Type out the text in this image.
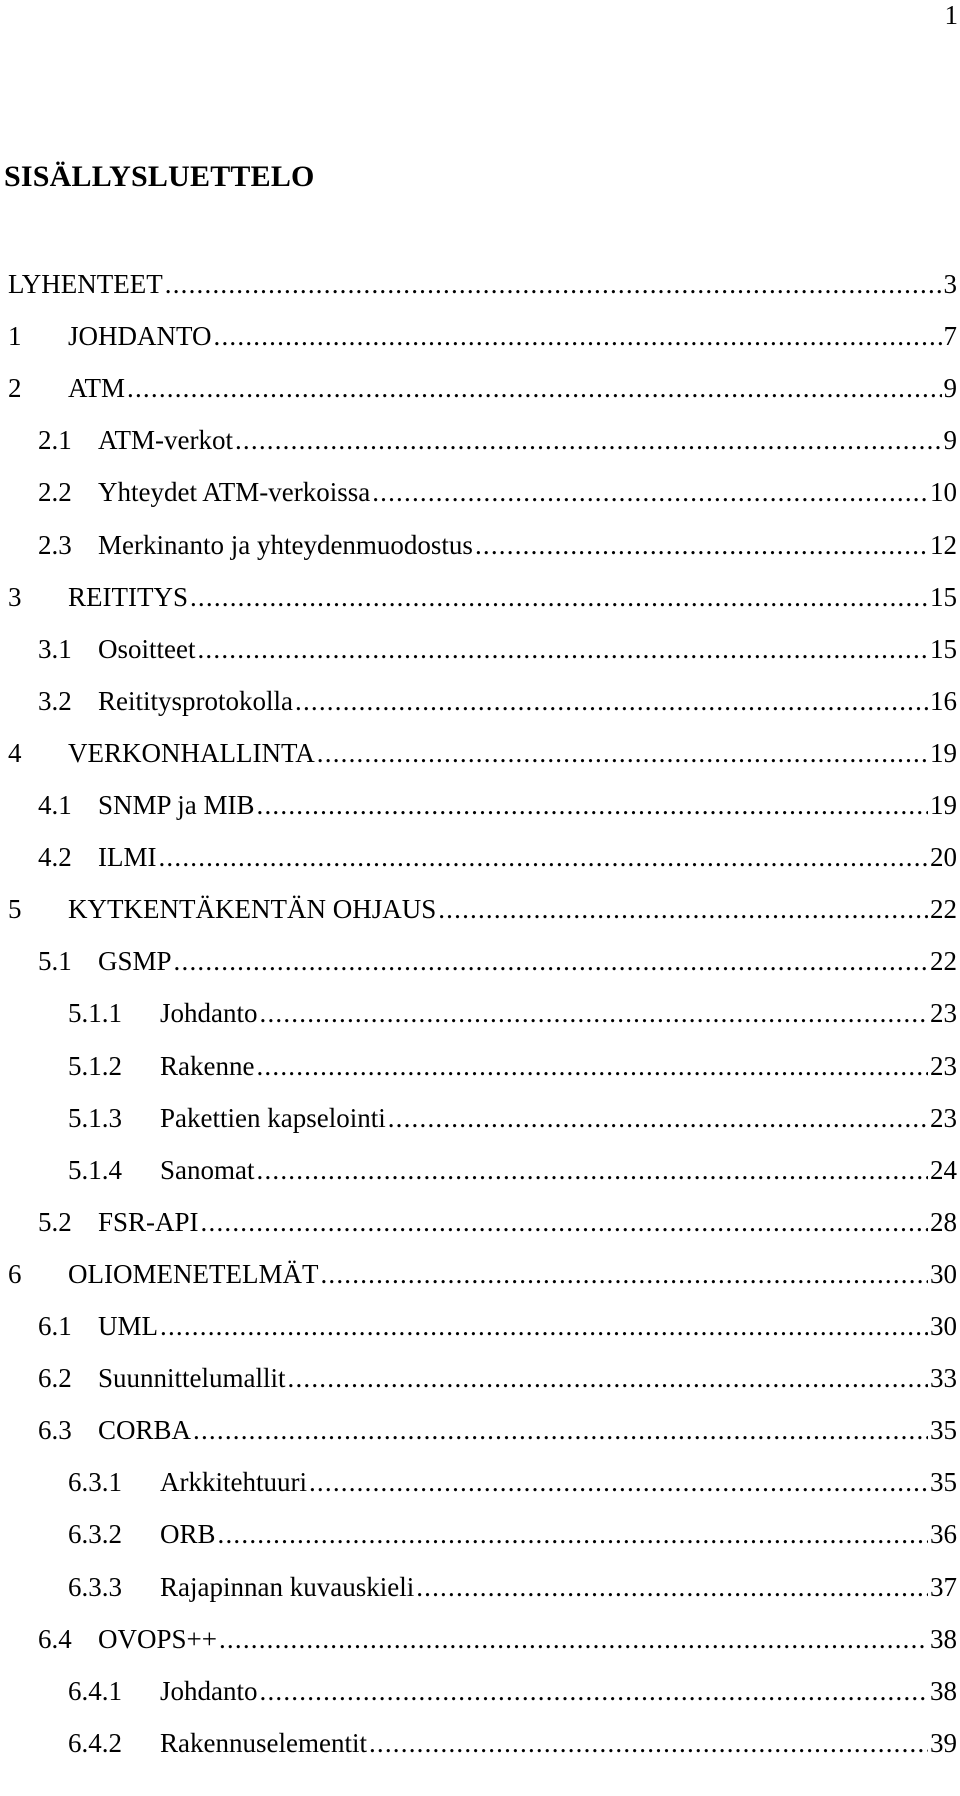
1
SISÄLLYSLUETTELO
LYHENTEET .....	3
1 JOHDANTO .....	7
2 ATM .....	9
2.1 ATM-verkot .....	9
2.2 Yhteydet ATM-verkoissa .....	10
2.3 Merkinanto ja yhteydenmuodostus .....	12
3 REITITYS .....	15
3.1 Osoitteet .....	15
3.2 Reititysprotokolla .....	16
4 VERKONHALLINTA .....	19
4.1 SNMP ja MIB .....	19
4.2 ILMI .....	20
5 KYTKENTÄKENTÄN OHJAUS .....	22
5.1 GSMP .....	22
5.1.1 Johdanto .....	23
5.1.2 Rakenne .....	23
5.1.3 Pakettien kapselointi .....	23
5.1.4 Sanomat .....	24
5.2 FSR-API .....	28
6 OLIOMENETELMÄT .....	30
6.1 UML .....	30
6.2 Suunnittelumallit .....	33
6.3 CORBA .....	35
6.3.1 Arkkitehtuuri .....	35
6.3.2 ORB .....	36
6.3.3 Rajapinnan kuvauskieli .....	37
6.4 OVOPS++ .....	38
6.4.1 Johdanto .....	38
6.4.2 Rakennuselementit .....	39
